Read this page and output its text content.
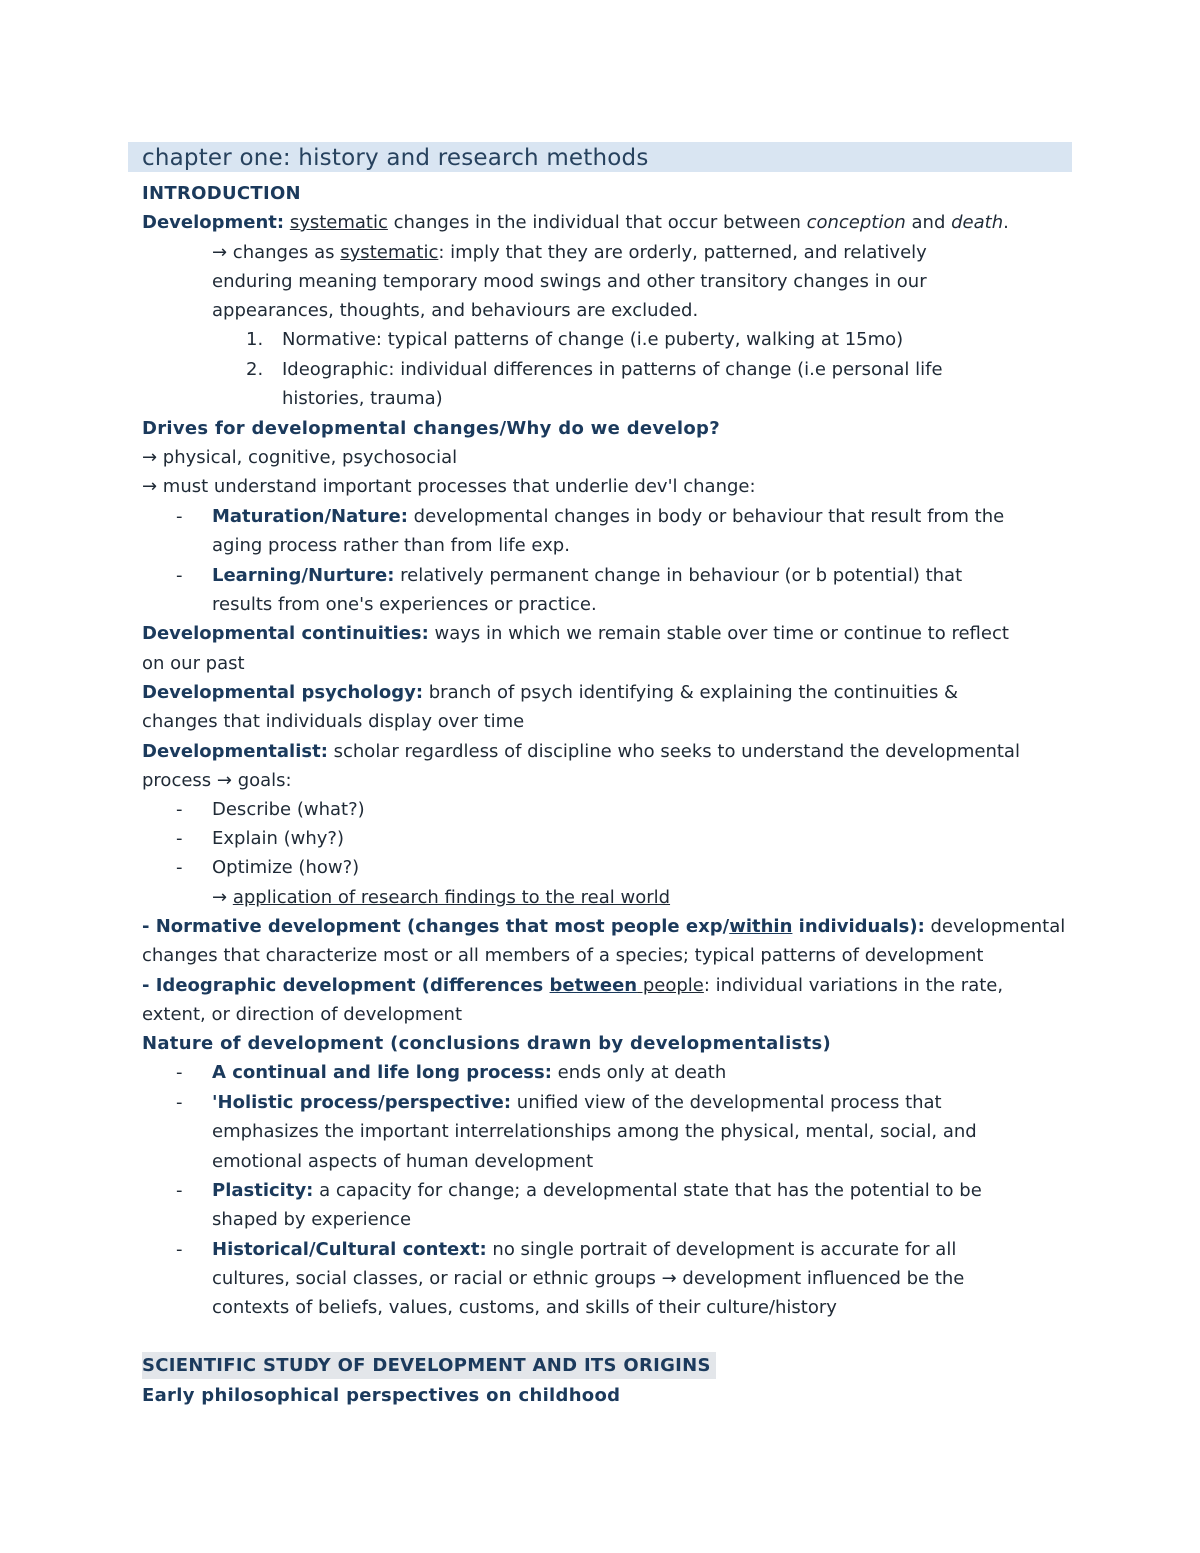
chapter one: history and research methods
INTRODUCTION
Development: systematic changes in the individual that occur between conception and death.
→ changes as systematic: imply that they are orderly, patterned, and relatively
enduring meaning temporary mood swings and other transitory changes in our
appearances, thoughts, and behaviours are excluded.
1. Normative: typical patterns of change (i.e puberty, walking at 15mo)
2. Ideographic: individual differences in patterns of change (i.e personal life
histories, trauma)
Drives for developmental changes/Why do we develop?
→ physical, cognitive, psychosocial
→ must understand important processes that underlie dev'l change:
- Maturation/Nature: developmental changes in body or behaviour that result from the
aging process rather than from life exp.
- Learning/Nurture: relatively permanent change in behaviour (or b potential) that
results from one's experiences or practice.
Developmental continuities: ways in which we remain stable over time or continue to reflect
on our past
Developmental psychology: branch of psych identifying & explaining the continuities &
changes that individuals display over time
Developmentalist: scholar regardless of discipline who seeks to understand the developmental
process → goals:
- Describe (what?)
- Explain (why?)
- Optimize (how?)
→ application of research findings to the real world
- Normative development (changes that most people exp/within individuals): developmental
changes that characterize most or all members of a species; typical patterns of development
- Ideographic development (differences between people: individual variations in the rate,
extent, or direction of development
Nature of development (conclusions drawn by developmentalists)
- A continual and life long process: ends only at death
- 'Holistic process/perspective: unified view of the developmental process that
emphasizes the important interrelationships among the physical, mental, social, and
emotional aspects of human development
- Plasticity: a capacity for change; a developmental state that has the potential to be
shaped by experience
- Historical/Cultural context: no single portrait of development is accurate for all
cultures, social classes, or racial or ethnic groups → development influenced be the
contexts of beliefs, values, customs, and skills of their culture/history
SCIENTIFIC STUDY OF DEVELOPMENT AND ITS ORIGINS
Early philosophical perspectives on childhood
